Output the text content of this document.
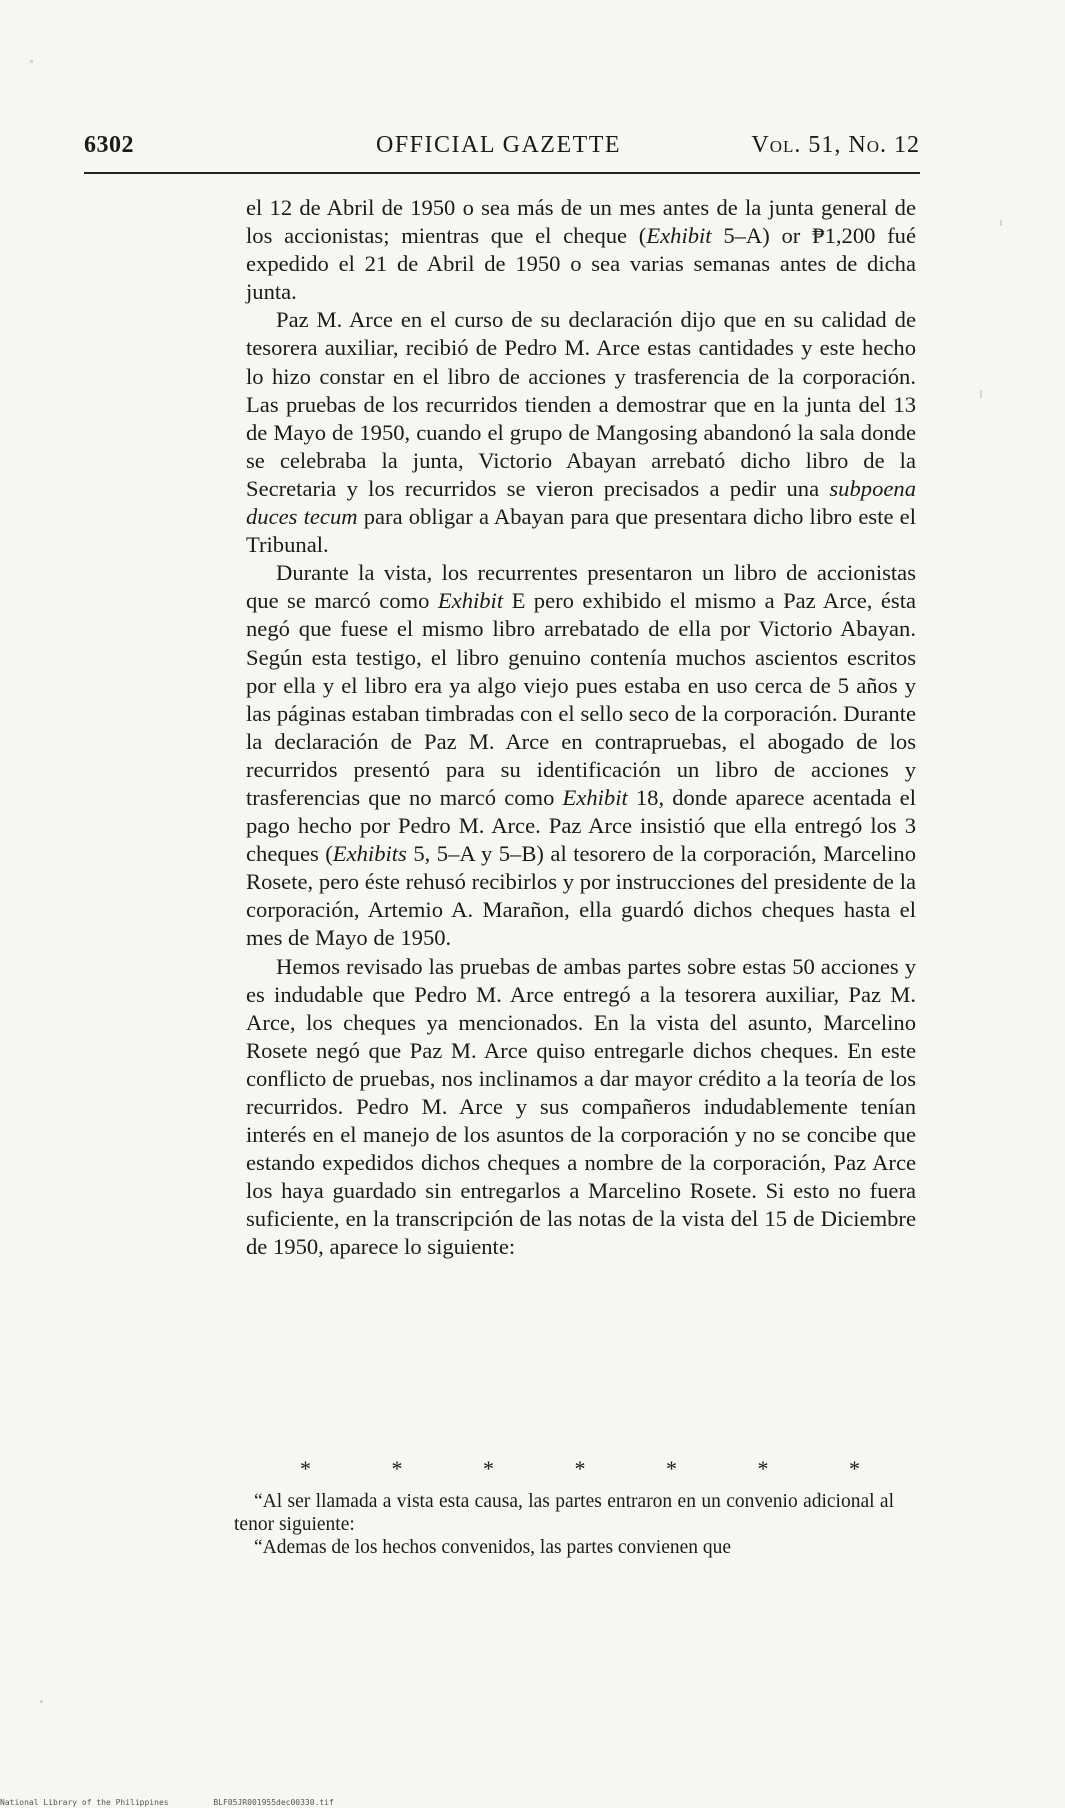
6302	OFFICIAL GAZETTE	Vol. 51, No. 12

el 12 de Abril de 1950 o sea más de un mes antes de la junta general de los accionistas; mientras que el cheque (Exhibit 5–A) or ₱1,200 fué expedido el 21 de Abril de 1950 o sea varias semanas antes de dicha junta.

Paz M. Arce en el curso de su declaración dijo que en su calidad de tesorera auxiliar, recibió de Pedro M. Arce estas cantidades y este hecho lo hizo constar en el libro de acciones y trasferencia de la corporación. Las pruebas de los recurridos tienden a demostrar que en la junta del 13 de Mayo de 1950, cuando el grupo de Mangosing abandonó la sala donde se celebraba la junta, Victorio Abayan arrebató dicho libro de la Secretaria y los recurridos se vieron precisados a pedir una subpoena duces tecum para obligar a Abayan para que presentara dicho libro este el Tribunal.

Durante la vista, los recurrentes presentaron un libro de accionistas que se marcó como Exhibit E pero exhibido el mismo a Paz Arce, ésta negó que fuese el mismo libro arrebatado de ella por Victorio Abayan. Según esta testigo, el libro genuino contenía muchos ascientos escritos por ella y el libro era ya algo viejo pues estaba en uso cerca de 5 años y las páginas estaban timbradas con el sello seco de la corporación. Durante la declaración de Paz M. Arce en contrapruebas, el abogado de los recurridos presentó para su identificación un libro de acciones y trasferencias que no marcó como Exhibit 18, donde aparece acentada el pago hecho por Pedro M. Arce. Paz Arce insistió que ella entregó los 3 cheques (Exhibits 5, 5–A y 5–B) al tesorero de la corporación, Marcelino Rosete, pero éste rehusó recibirlos y por instrucciones del presidente de la corporación, Artemio A. Marañon, ella guardó dichos cheques hasta el mes de Mayo de 1950.

Hemos revisado las pruebas de ambas partes sobre estas 50 acciones y es indudable que Pedro M. Arce entregó a la tesorera auxiliar, Paz M. Arce, los cheques ya mencionados. En la vista del asunto, Marcelino Rosete negó que Paz M. Arce quiso entregarle dichos cheques. En este conflicto de pruebas, nos inclinamos a dar mayor crédito a la teoría de los recurridos. Pedro M. Arce y sus compañeros indudablemente tenían interés en el manejo de los asuntos de la corporación y no se concibe que estando expedidos dichos cheques a nombre de la corporación, Paz Arce los haya guardado sin entregarlos a Marcelino Rosete. Si esto no fuera suficiente, en la transcripción de las notas de la vista del 15 de Diciembre de 1950, aparece lo siguiente:

*	*	*	*	*	*	*

“Al ser llamada a vista esta causa, las partes entraron en un convenio adicional al tenor siguiente:

“Ademas de los hechos convenidos, las partes convienen que

National Library of the Philippines	BLF05JR001955dec00330.tif
